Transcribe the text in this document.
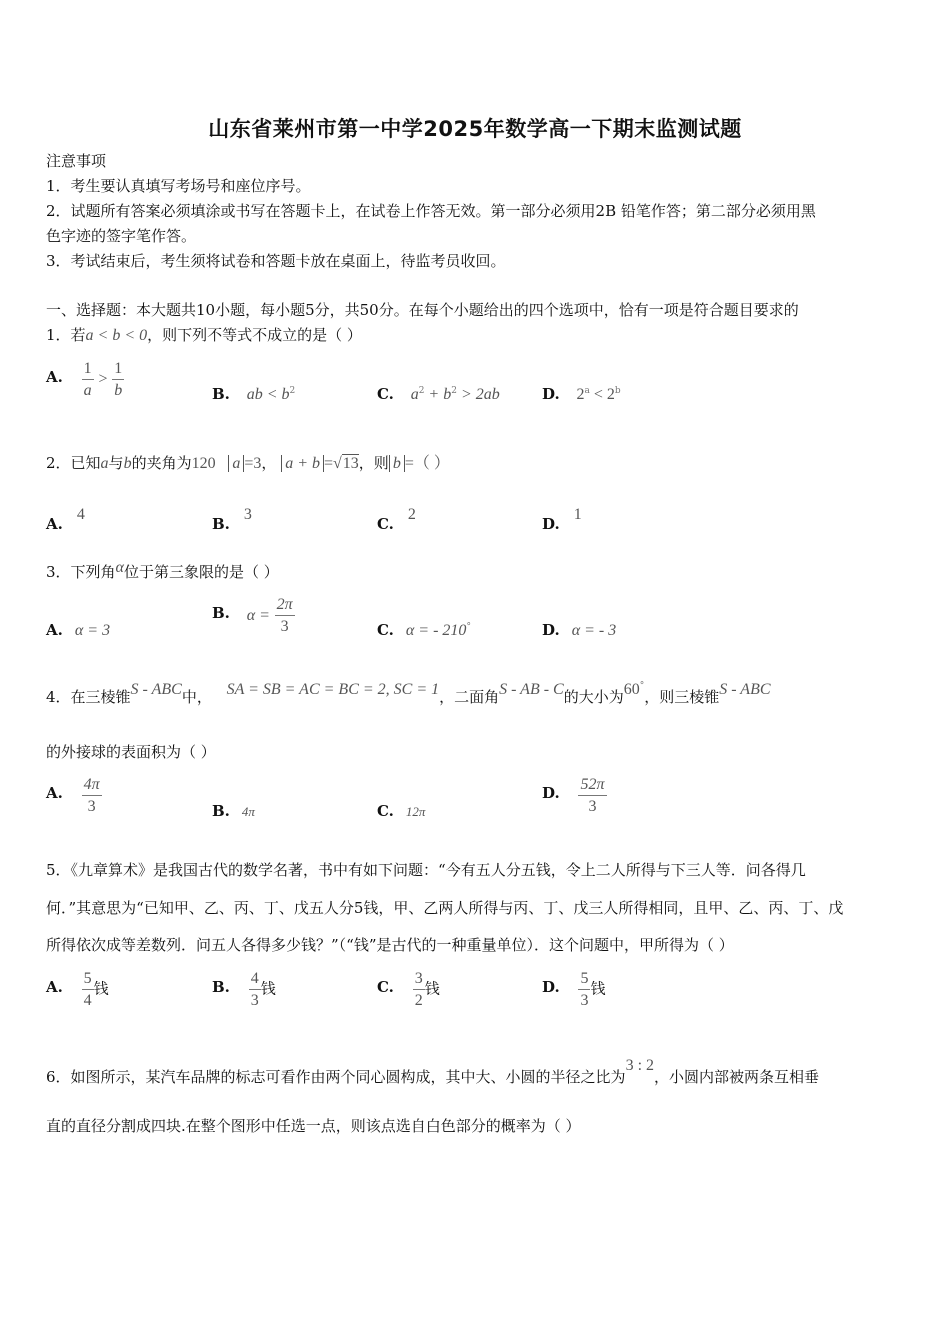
山东省莱州市第一中学2025年数学高一下期末监测试题
注意事项
1．考生要认真填写考场号和座位序号。
2．试题所有答案必须填涂或书写在答题卡上，在试卷上作答无效。第一部分必须用2B 铅笔作答；第二部分必须用黑
色字迹的签字笔作答。
3．考试结束后，考生须将试卷和答题卡放在桌面上，待监考员收回。
一、选择题：本大题共10小题，每小题5分，共50分。在每个小题给出的四个选项中，恰有一项是符合题目要求的
1．若a < b < 0，则下列不等式不成立的是（ ）
A. $\frac{1}{a} > \frac{1}{b}$	B. ab < $b^2$	C. $a^2 + b^2 > 2ab$	D. $2^a < 2^b$
2．已知a与b的夹角为120 a =3， a + b =√13，则 b =（ ）
A.4
B.3
C.2
D.1
3．下列角α位于第三象限的是（ ）
A. α = 3
B. $\alpha = \frac{2\pi}{3}$	C. α = - 210°	D. α = - 3
4．在三棱锥S - ABC中， SA = SB = AC = BC = 2, SC = 1，二面角S - AB - C的大小为60°，则三棱锥S - ABC
的外接球的表面积为（ ）
A. $\frac{4\pi}{3}$	B. 4π	C. 12π
D. $\frac{52\pi}{3}$
5．《九章算术》是我国古代的数学名著，书中有如下问题：“今有五人分五钱，令上二人所得与下三人等．问各得几
何．”其意思为“已知甲、乙、丙、丁、戊五人分5钱，甲、乙两人所得与丙、丁、戊三人所得相同，且甲、乙、丙、丁、戊
所得依次成等差数列．问五人各得多少钱？”（“钱”是古代的一种重量单位）．这个问题中，甲所得为（ ）
A. $\frac{5}{4}$ 钱	B. $\frac{4}{3}$ 钱	C. $\frac{3}{2}$ 钱	D. $\frac{5}{3}$ 钱
6．如图所示，某汽车品牌的标志可看作由两个同心圆构成，其中大、小圆的半径之比为3 : 2，小圆内部被两条互相垂
直的直径分割成四块.在整个图形中任选一点，则该点选自白色部分的概率为（ ）
